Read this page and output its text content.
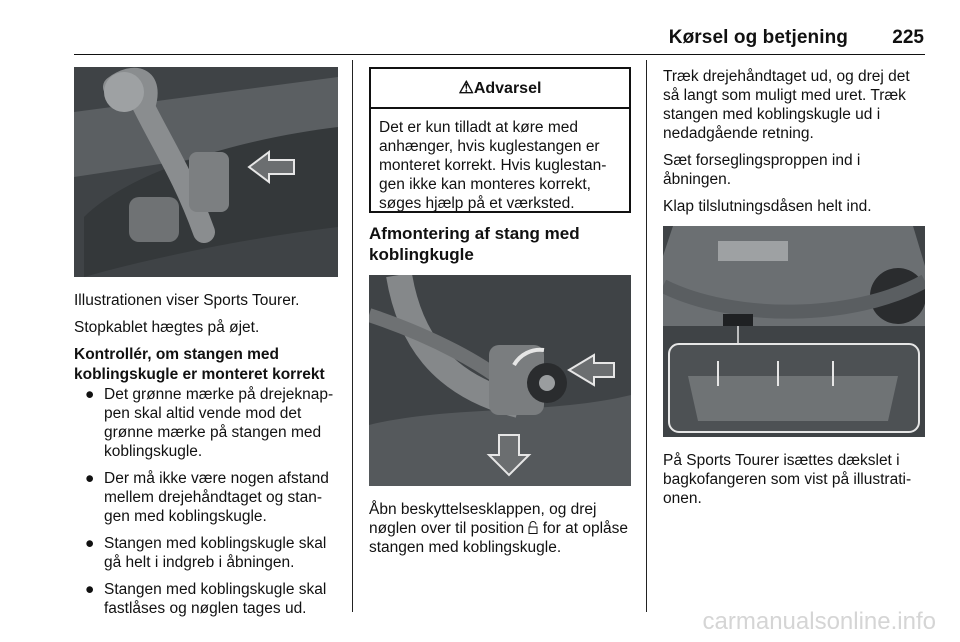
Kørsel og betjening 225

Illustrationen viser Sports Tourer.

Stopkablet hægtes på øjet.

Kontrollér, om stangen med
koblingskugle er monteret korrekt
● Det grønne mærke på drejeknap-
pen skal altid vende mod det
grønne mærke på stangen med
koblingskugle.
● Der må ikke være nogen afstand
mellem drejehåndtaget og stan-
gen med koblingskugle.
● Stangen med koblingskugle skal
gå helt i indgreb i åbningen.
● Stangen med koblingskugle skal
fastlåses og nøglen tages ud.
⚠Advarsel
Det er kun tilladt at køre med
anhænger, hvis kuglestangen er
monteret korrekt. Hvis kuglestan-
gen ikke kan monteres korrekt,
søges hjælp på et værksted.
Afmontering af stang med
koblingkugle

Åbn beskyttelsesklappen, og drej
nøglen over til position  for at oplåse
stangen med koblingskugle.

Træk drejehåndtaget ud, og drej det
så langt som muligt med uret. Træk
stangen med koblingskugle ud i
nedadgående retning.

Sæt forseglingsproppen ind i
åbningen.

Klap tilslutningsdåsen helt ind.

På Sports Tourer isættes dækslet i
bagkofangeren som vist på illustrati-
onen.

carmanualsonline.info
